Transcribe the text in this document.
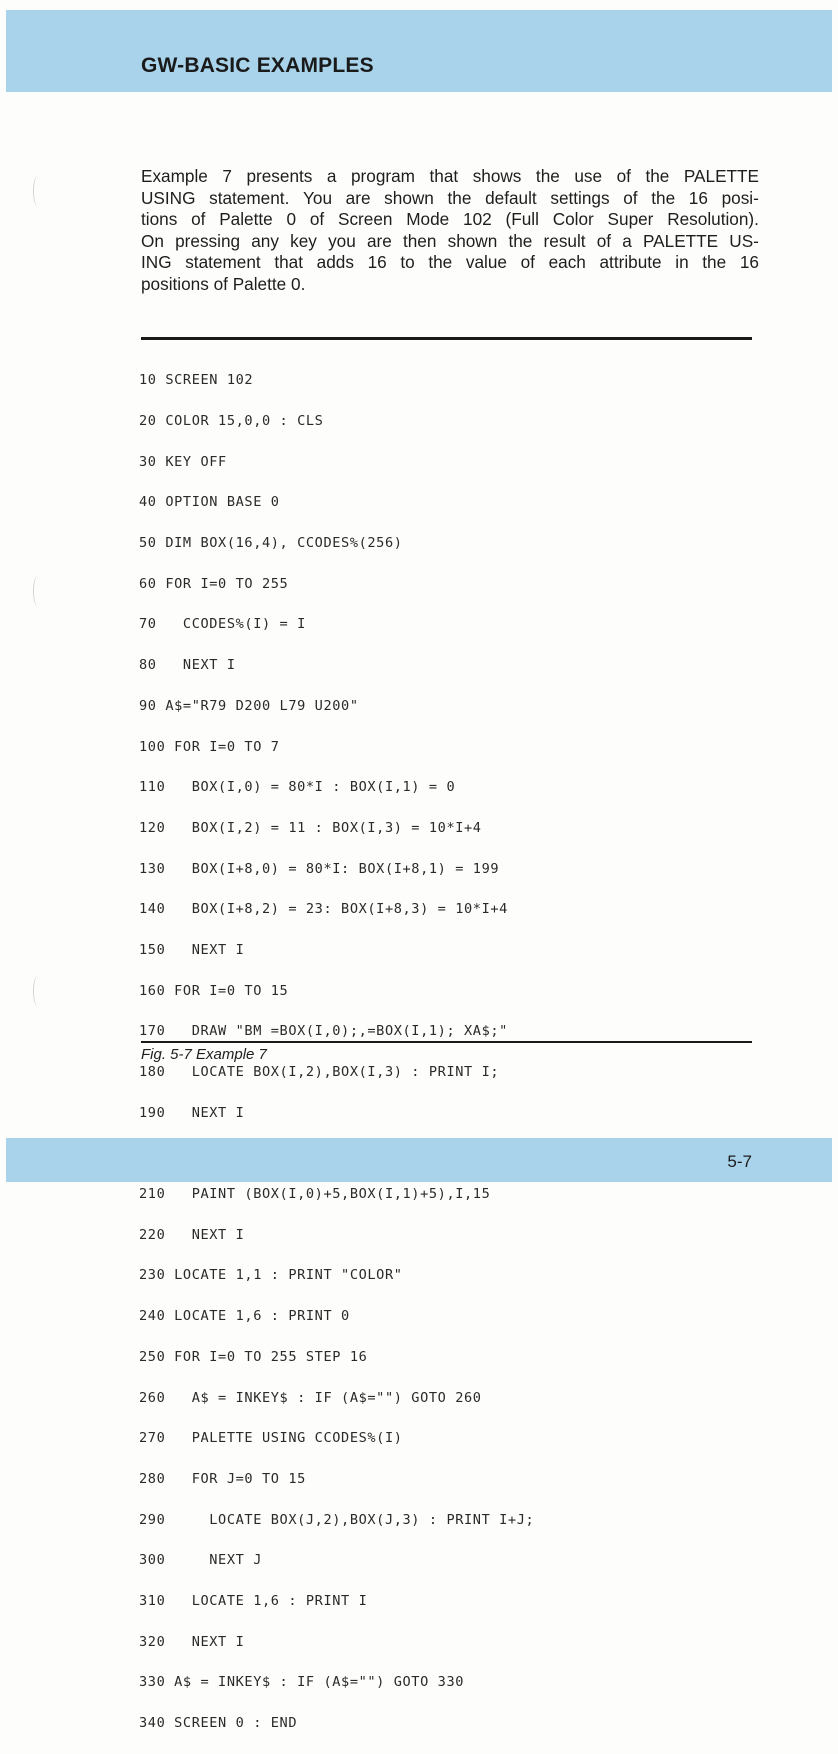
GW-BASIC EXAMPLES
Example 7 presents a program that shows the use of the PALETTE
USING statement. You are shown the default settings of the 16 posi-
tions of Palette 0 of Screen Mode 102 (Full Color Super Resolution).
On pressing any key you are then shown the result of a PALETTE US-
ING statement that adds 16 to the value of each attribute in the 16
positions of Palette 0.

10 SCREEN 102

20 COLOR 15,0,0 : CLS

30 KEY OFF

40 OPTION BASE 0

50 DIM BOX(16,4), CCODES%(256)

60 FOR I=0 TO 255

70   CCODES%(I) = I

80   NEXT I

90 A$="R79 D200 L79 U200"

100 FOR I=0 TO 7

110   BOX(I,0) = 80*I : BOX(I,1) = 0

120   BOX(I,2) = 11 : BOX(I,3) = 10*I+4

130   BOX(I+8,0) = 80*I: BOX(I+8,1) = 199

140   BOX(I+8,2) = 23: BOX(I+8,3) = 10*I+4

150   NEXT I

160 FOR I=0 TO 15

170   DRAW "BM =BOX(I,0);,=BOX(I,1); XA$;"

180   LOCATE BOX(I,2),BOX(I,3) : PRINT I;

190   NEXT I

210   PAINT (BOX(I,0)+5,BOX(I,1)+5),I,15

220   NEXT I

230 LOCATE 1,1 : PRINT "COLOR"

240 LOCATE 1,6 : PRINT 0

250 FOR I=0 TO 255 STEP 16

260   A$ = INKEY$ : IF (A$="") GOTO 260

270   PALETTE USING CCODES%(I)

280   FOR J=0 TO 15

290     LOCATE BOX(J,2),BOX(J,3) : PRINT I+J;

300     NEXT J

310   LOCATE 1,6 : PRINT I

320   NEXT I

330 A$ = INKEY$ : IF (A$="") GOTO 330

340 SCREEN 0 : END

Fig. 5-7 Example 7
5-7
